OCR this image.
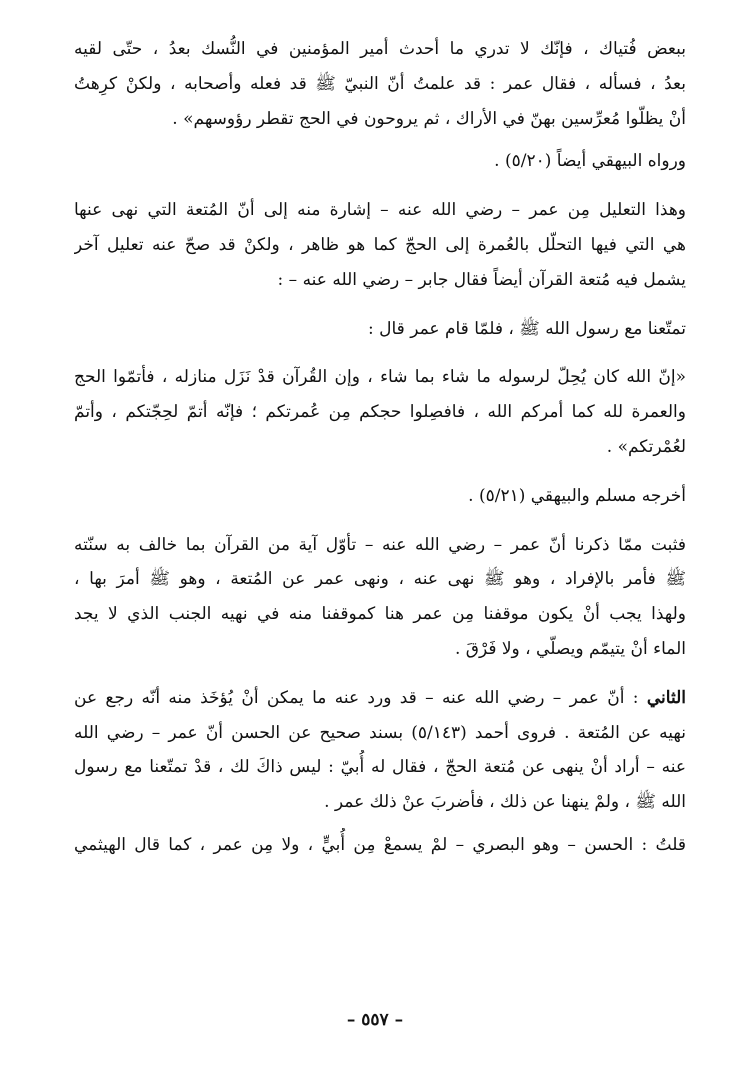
ببعض فُتياك ، فإنّك لا تدري ما أحدث أمير المؤمنين في النُّسك بعدُ ، حتّى لقيه
بعدُ ، فسأله ، فقال عمر : قد علمتُ أنّ النبيّ ﷺ قد فعله وأصحابه ، ولكنْ كرِهتُ
أنْ يظلّوا مُعرِّسين بهنّ في الأراك ، ثم يروحون في الحج تقطر رؤوسهم» .

ورواه البيهقي أيضاً (٥/٢٠) .

وهذا التعليل مِن عمر – رضي الله عنه – إشارة منه إلى أنّ المُتعة التي نهى عنها
هي التي فيها التحلّل بالعُمرة إلى الحجّ كما هو ظاهر ، ولكنْ قد صحّ عنه تعليل آخر
يشمل فيه مُتعة القرآن أيضاً فقال جابر – رضي الله عنه – :

تمتّعنا مع رسول الله ﷺ ، فلمّا قام عمر قال :

«إنّ الله كان يُحِلّ لرسوله ما شاء بما شاء ، وإن القُرآن قدْ نَزَل منازله ، فأتمّوا الحج
والعمرة لله كما أمركم الله ، فافصِلوا حجكم مِن عُمرتكم ؛ فإنّه أتمّ لحِجّتكم ، وأتمّ
لعُمْرتكم» .

أخرجه مسلم والبيهقي (٥/٢١) .

فثبت ممّا ذكرنا أنّ عمر – رضي الله عنه – تأوّل آية من القرآن بما خالف به سنّته
ﷺ فأمر بالإفراد ، وهو ﷺ نهى عنه ، ونهى عمر عن المُتعة ، وهو ﷺ أمرَ بها ،
ولهذا يجب أنْ يكون موقفنا مِن عمر هنا كموقفنا منه في نهيه الجنب الذي لا يجد
الماء أنْ يتيمّم ويصلّي ، ولا فَرْقَ .

الثاني : أنّ عمر – رضي الله عنه – قد ورد عنه ما يمكن أنْ يُؤخَذ منه أنّه رجع عن
نهيه عن المُتعة . فروى أحمد (٥/١٤٣) بسند صحيح عن الحسن أنّ عمر – رضي الله
عنه – أراد أنْ ينهى عن مُتعة الحجّ ، فقال له أُبيّ : ليس ذاكَ لك ، قدْ تمتّعنا مع رسول
الله ﷺ ، ولمْ ينهنا عن ذلك ، فأضربَ عنْ ذلك عمر .

قلتُ : الحسن – وهو البصري – لمْ يسمعْ مِن أُبيٍّ ، ولا مِن عمر ، كما قال الهيثمي

– ٥٥٧ –
